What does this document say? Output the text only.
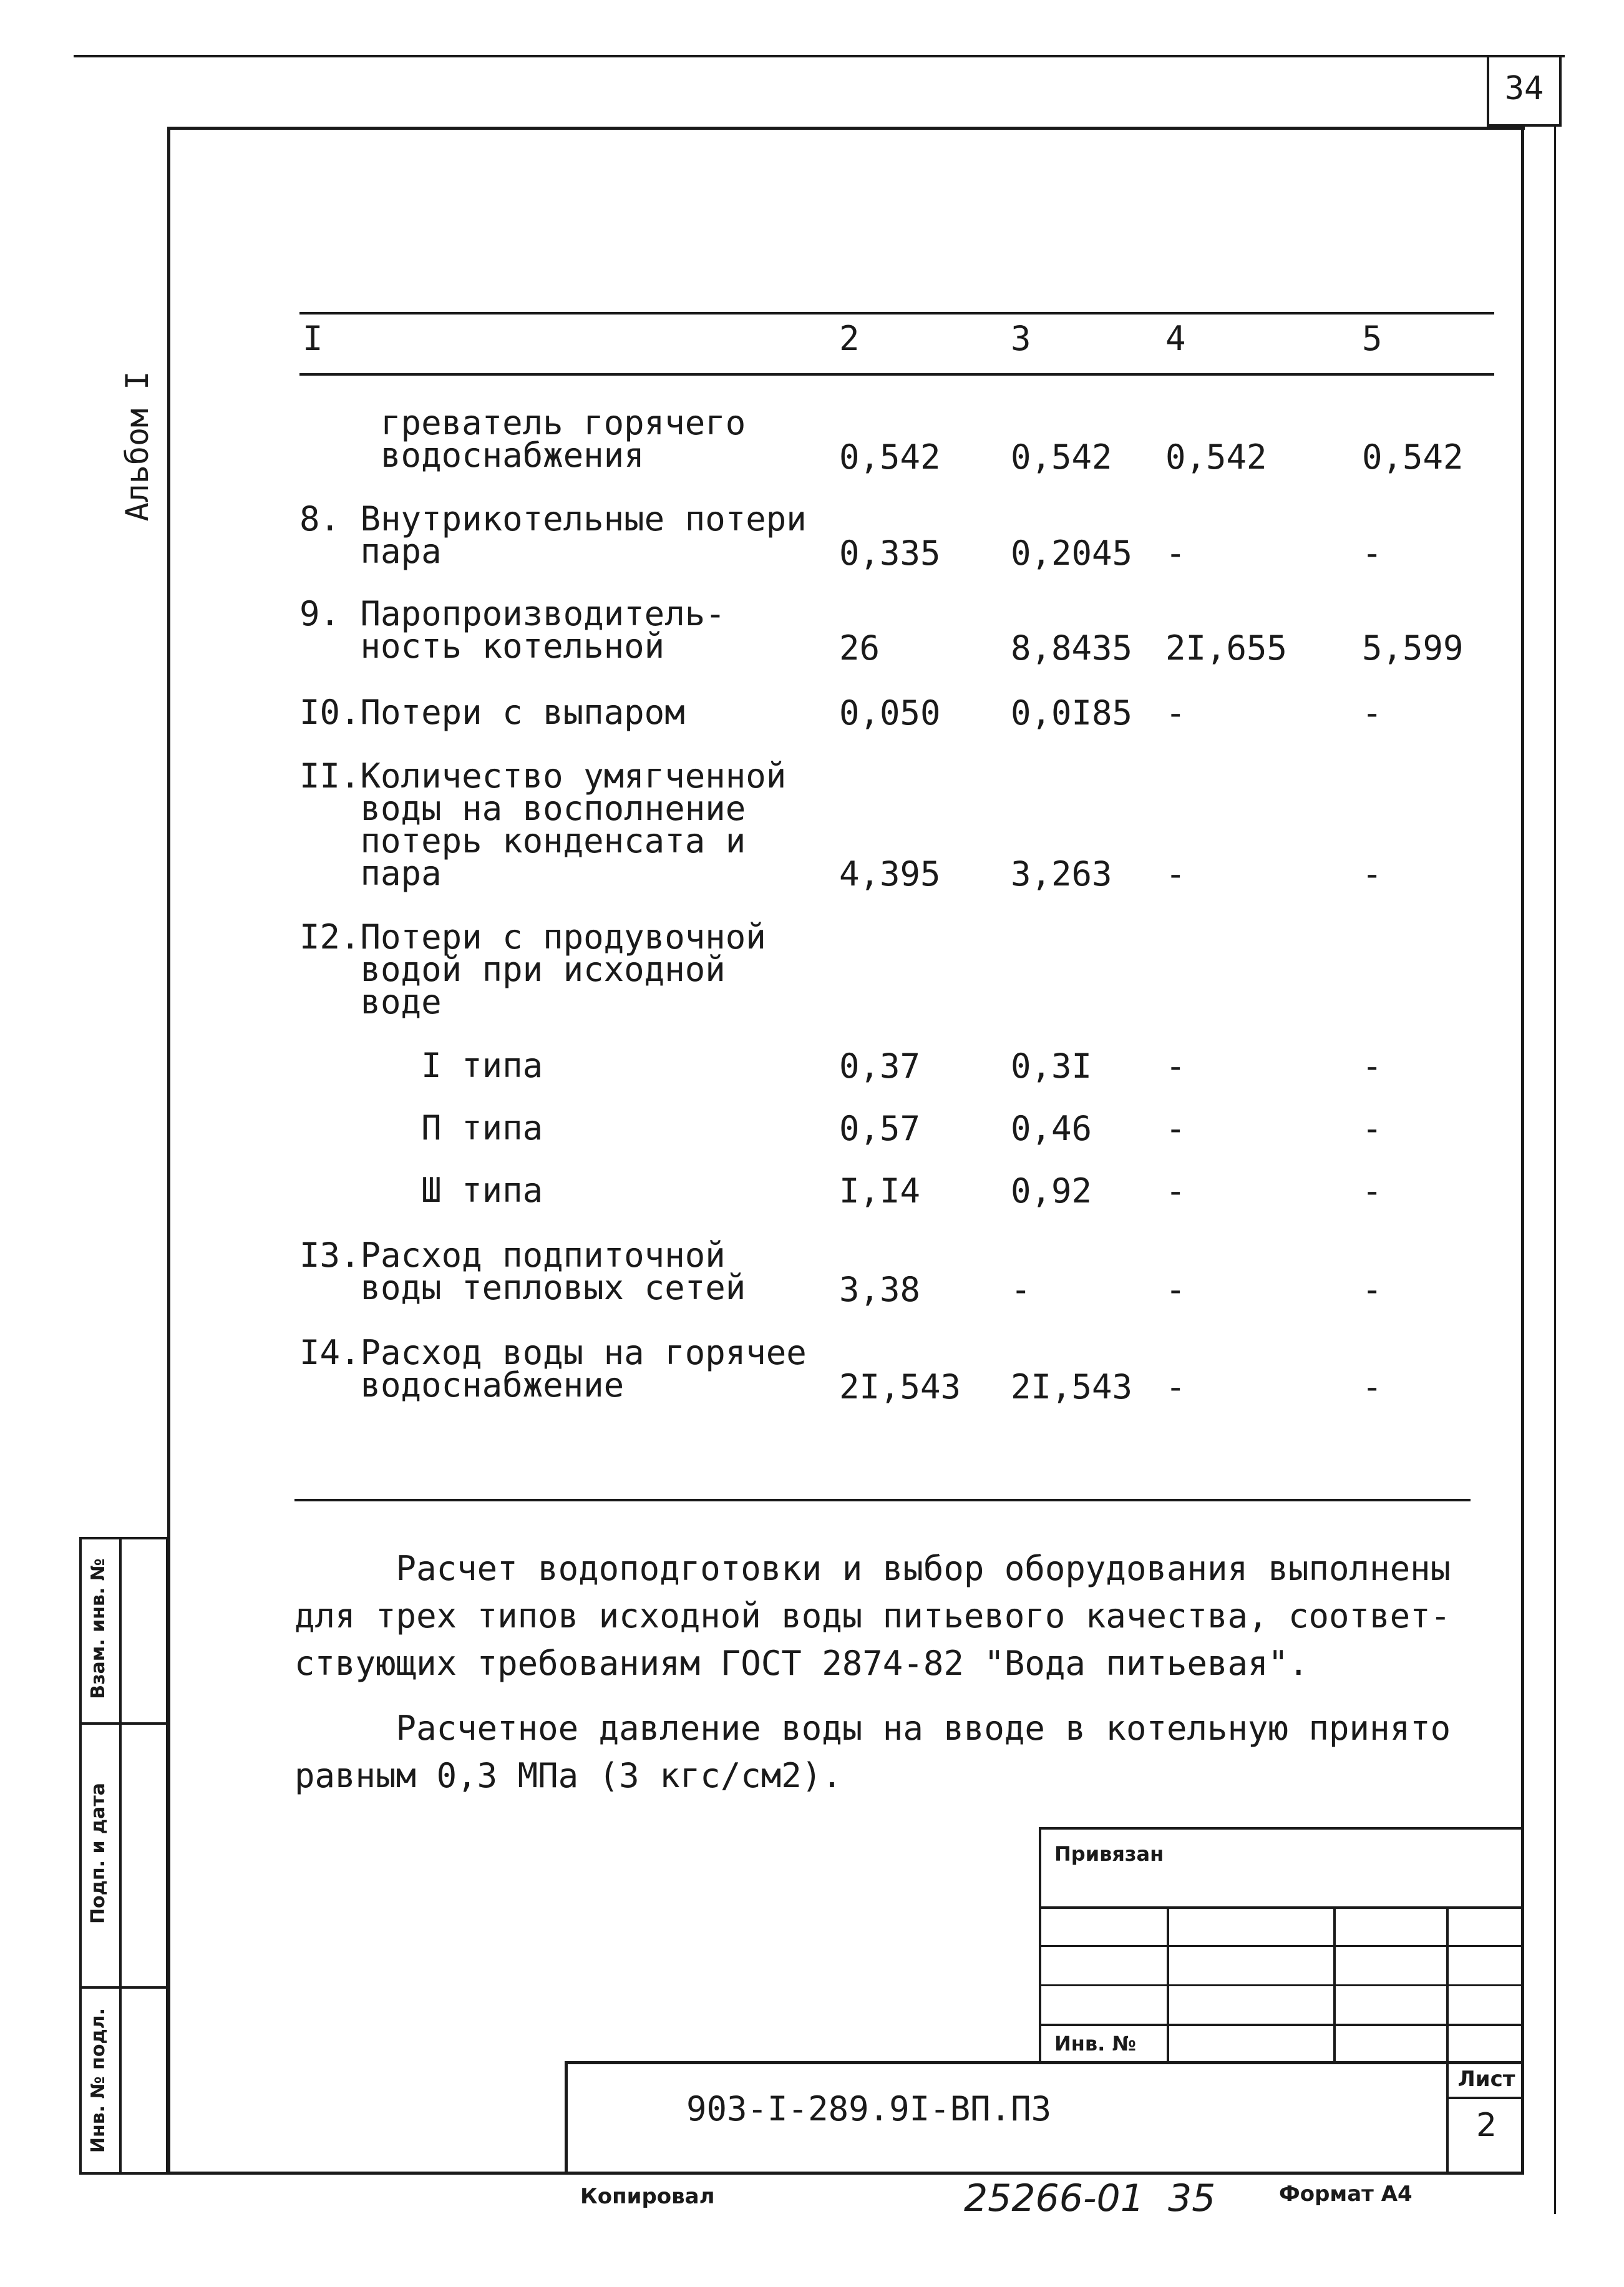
34
Альбом I
I	2	3	4	5
греватель горячего
водоснабжения	0,542 0,542 0,542	0,542
8. Внутрикотельные потери
пара	0,335 0,2045 -	-
9. Паропроизводитель-
ность котельной	26	8,8435 2I,655 5,599
I0.Потери с выпаром	0,050 0,0I85 -	-
II.Количество умягченной
воды на восполнение
потерь конденсата и
пара	4,395 3,263 -	-
I2.Потери с продувочной
водой при исходной
воде
I типа	0,37	0,3I -	-
П типа	0,57	0,46 -	-
Ш типа	I,I4	0,92 -	-
I3.Расход подпиточной
воды тепловых сетей	3,38	-	-	-
I4.Расход воды на горячее
водоснабжение	2I,543 2I,543 -	-
Расчет водоподготовки и выбор оборудования выполнены
для трех типов исходной воды питьевого качества, соответ-
ствующих требованиям ГОСТ 2874-82 "Вода питьевая".
Расчетное давление воды на вводе в котельную принято
равным 0,3 МПа (3 кгс/см2).
Взам. инв. №
Подп. и дата
Инв. № подл.
Привязан
Инв. №
903-I-289.9I-ВП.ПЗ
Лист
2
Копировал	25266-01  35	Формат А4
